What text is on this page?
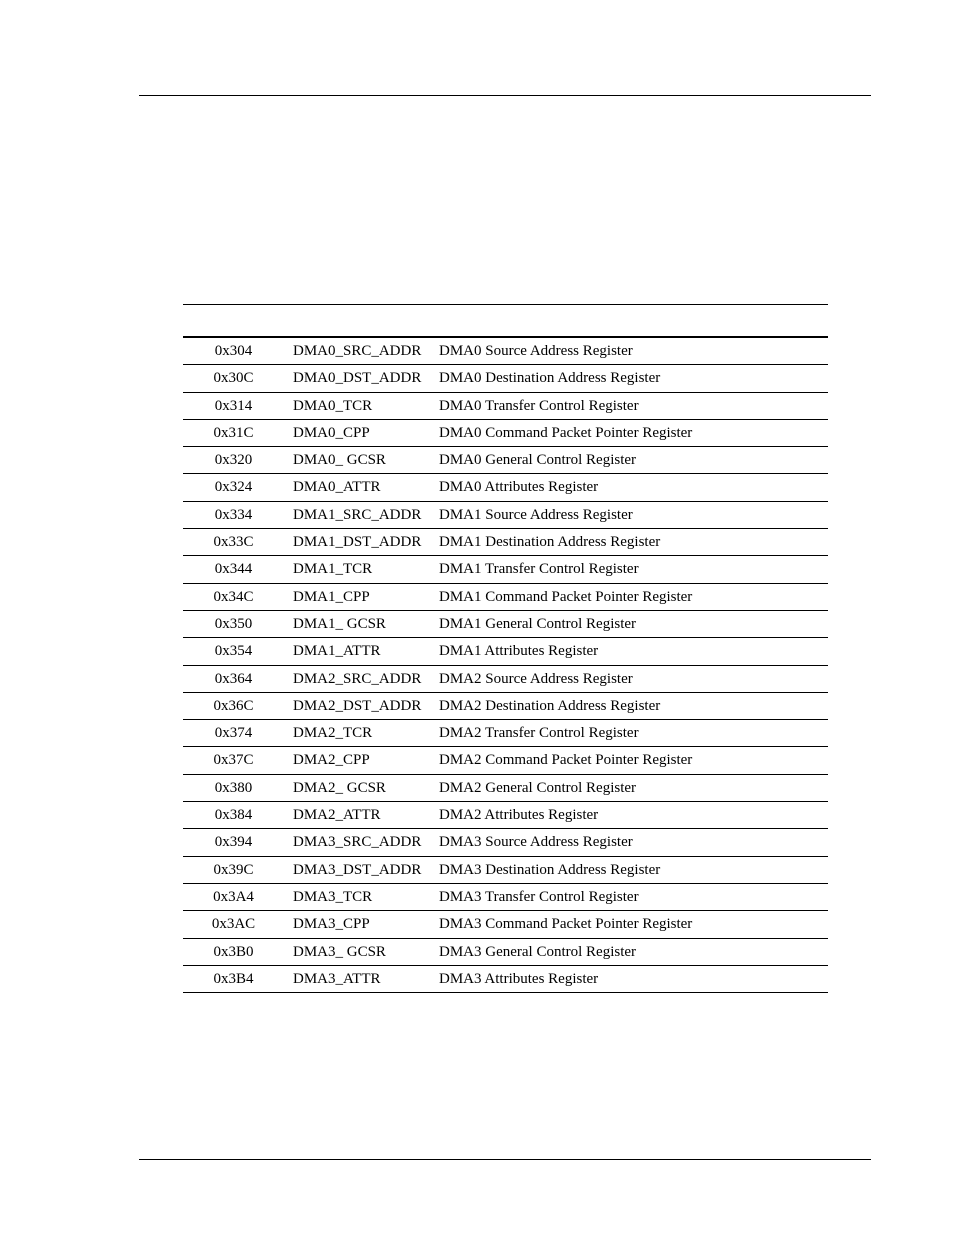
0x304	DMA0_SRC_ADDR DMA0 Source Address Register
0x30C	DMA0_DST_ADDR DMA0 Destination Address Register
0x314	DMA0_TCR	DMA0 Transfer Control Register
0x31C	DMA0_CPP	DMA0 Command Packet Pointer Register
0x320	DMA0_ GCSR	DMA0 General Control Register
0x324	DMA0_ATTR	DMA0 Attributes Register
0x334	DMA1_SRC_ADDR DMA1 Source Address Register
0x33C	DMA1_DST_ADDR DMA1 Destination Address Register
0x344	DMA1_TCR	DMA1 Transfer Control Register
0x34C	DMA1_CPP	DMA1 Command Packet Pointer Register
0x350	DMA1_ GCSR	DMA1 General Control Register
0x354	DMA1_ATTR	DMA1 Attributes Register
0x364	DMA2_SRC_ADDR DMA2 Source Address Register
0x36C	DMA2_DST_ADDR DMA2 Destination Address Register
0x374	DMA2_TCR	DMA2 Transfer Control Register
0x37C	DMA2_CPP	DMA2 Command Packet Pointer Register
0x380	DMA2_ GCSR	DMA2 General Control Register
0x384	DMA2_ATTR	DMA2 Attributes Register
0x394	DMA3_SRC_ADDR DMA3 Source Address Register
0x39C	DMA3_DST_ADDR DMA3 Destination Address Register
0x3A4	DMA3_TCR	DMA3 Transfer Control Register
0x3AC	DMA3_CPP	DMA3 Command Packet Pointer Register
0x3B0	DMA3_ GCSR	DMA3 General Control Register
0x3B4	DMA3_ATTR	DMA3 Attributes Register
